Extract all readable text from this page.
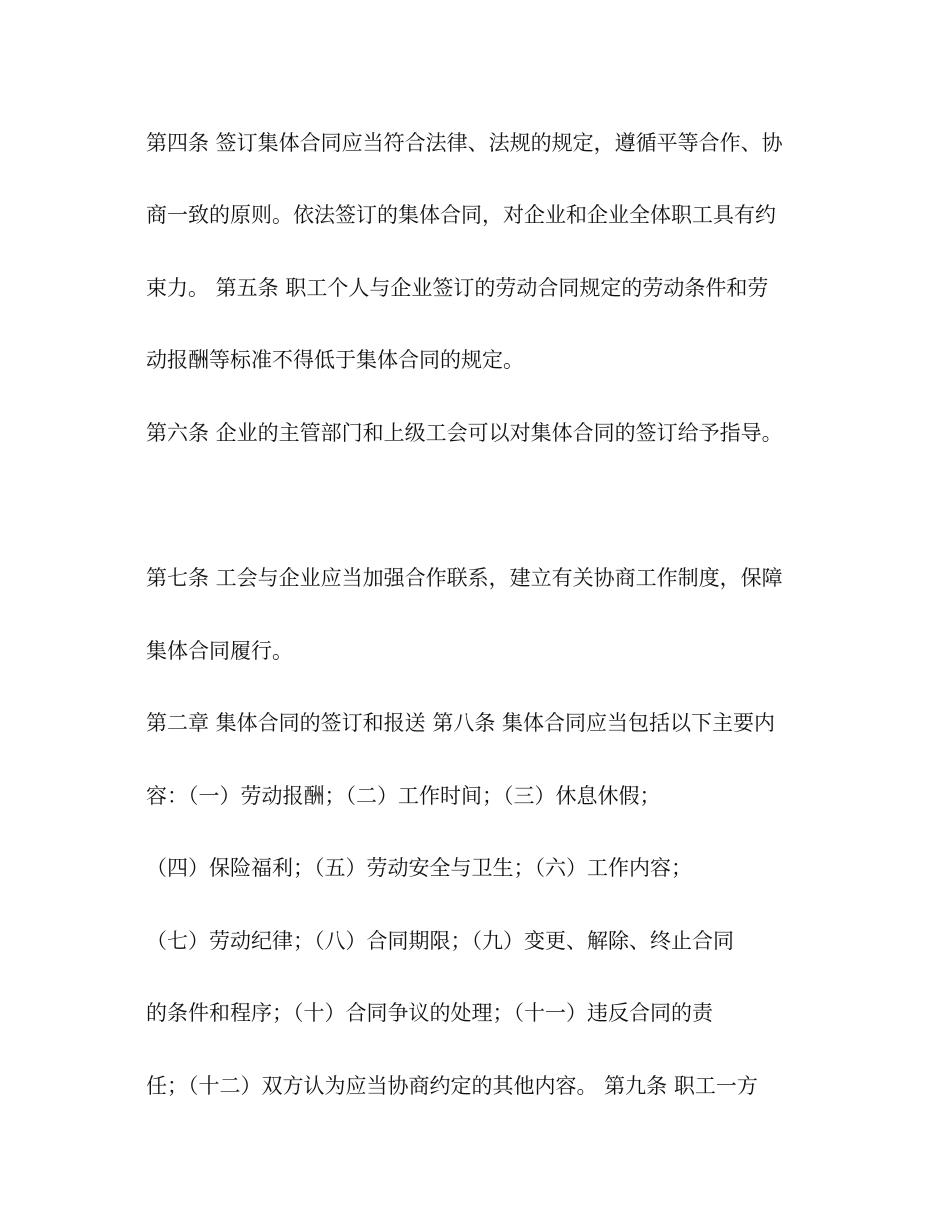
第四条 签订集体合同应当符合法律、法规的规定，遵循平等合作、协
商一致的原则。依法签订的集体合同，对企业和企业全体职工具有约
束力。 第五条 职工个人与企业签订的劳动合同规定的劳动条件和劳
动报酬等标准不得低于集体合同的规定。
第六条 企业的主管部门和上级工会可以对集体合同的签订给予指导。
第七条 工会与企业应当加强合作联系，建立有关协商工作制度，保障
集体合同履行。
第二章 集体合同的签订和报送 第八条 集体合同应当包括以下主要内
容：（一）劳动报酬；（二）工作时间；（三）休息休假；
（四）保险福利；（五）劳动安全与卫生；（六）工作内容；
（七）劳动纪律；（八）合同期限；（九）变更、解除、终止合同
的条件和程序；（十）合同争议的处理；（十一）违反合同的责
任；（十二）双方认为应当协商约定的其他内容。 第九条 职工一方
